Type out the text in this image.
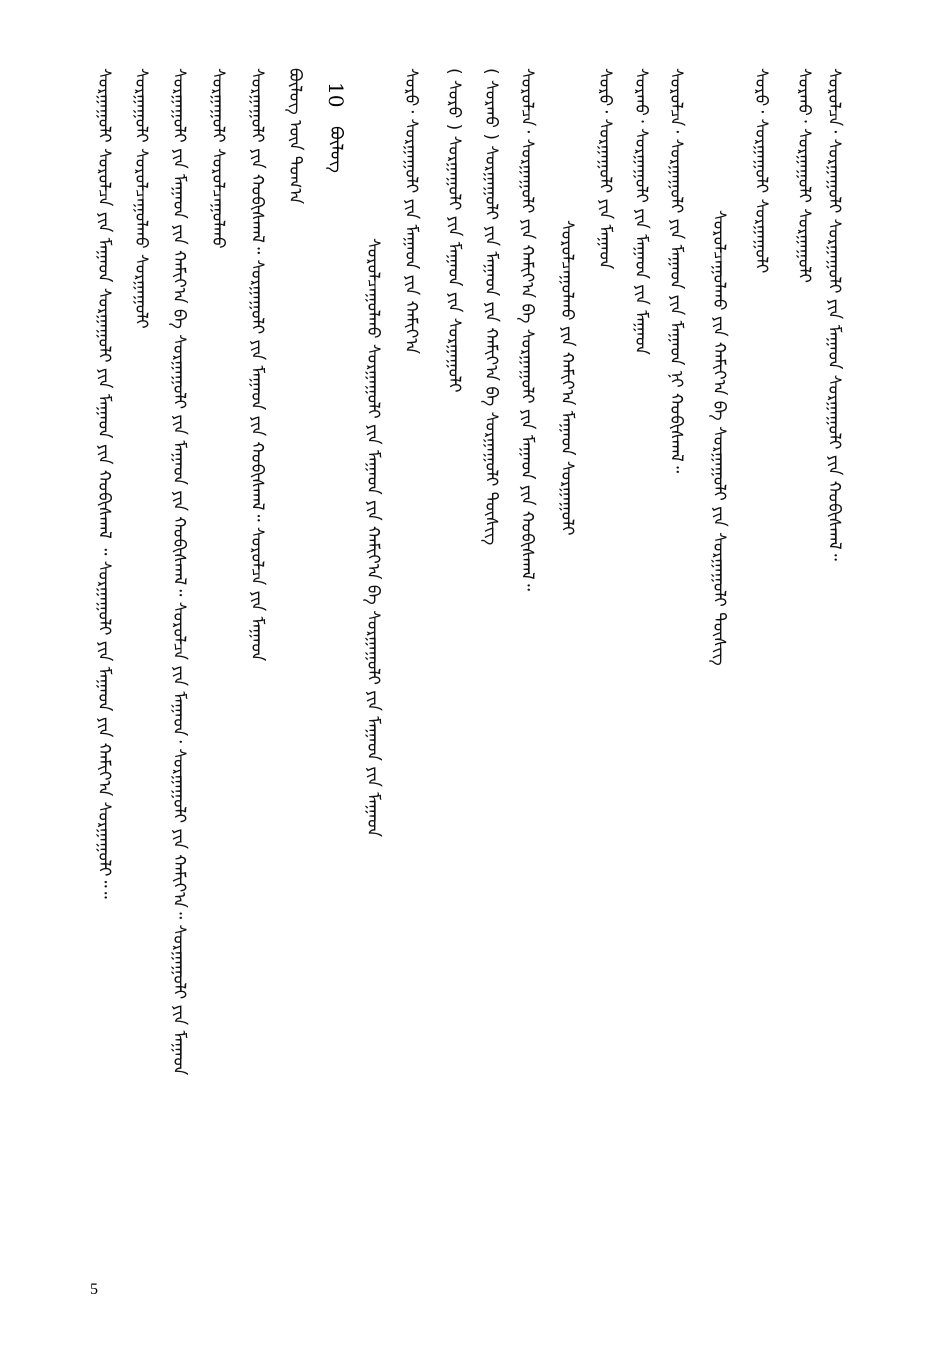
ᠰᠤᠷᠤᠯᠴᠠ᠂ ᠰᠤᠷᠭᠠᠭᠤᠯᠢ ᠰᠤᠷᠭᠠᠭᠤᠯᠢ ᠶᠢᠨ ᠮᠠᠭᠠᠳ ᠰᠤᠷᠭᠠᠭᠤᠯᠢ ᠶᠢᠨ ᠬᠤᠪᠢᠰᠬᠠᠯ᠃
ᠰᠤᠷᠬᠤ᠂ ᠰᠤᠷᠭᠠᠭᠤᠯᠢ ᠰᠤᠷᠭᠠᠭᠤᠯᠢ
ᠰᠤᠷᠤ᠂ ᠰᠤᠷᠭᠠᠭᠤᠯᠢ ᠰᠤᠷᠭᠠᠭᠤᠯᠢ
ᠰᠤᠷᠤᠯᠴᠠᠭᠤᠯᠬᠤ ᠶᠢᠨ ᠬᠠᠮᠢᠶ᠎ᠠ ᠪᠠ ᠰᠤᠷᠭᠠᠭᠤᠯᠢ ᠶᠢᠨ ᠰᠤᠷᠭᠠᠭᠤᠯᠢ ᠲᠦᠰᠢᠭ
ᠰᠤᠷᠤᠯᠴᠠ᠂ ᠰᠤᠷᠭᠠᠭᠤᠯᠢ ᠶᠢᠨ ᠮᠠᠭᠠᠳ ᠶᠢᠨ ᠮᠠᠭᠠᠳ ᠨᠢ ᠬᠤᠪᠢᠰᠬᠠᠯ᠃
ᠰᠤᠷᠬᠤ᠂ ᠰᠤᠷᠭᠠᠭᠤᠯᠢ ᠶᠢᠨ ᠮᠠᠭᠠᠳ ᠶᠢᠨ ᠮᠠᠭᠠᠳ
ᠰᠤᠷᠤ᠂ ᠰᠤᠷᠭᠠᠭᠤᠯᠢ ᠶᠢᠨ ᠮᠠᠭᠠᠳ
ᠰᠤᠷᠤᠯᠴᠠᠭᠤᠯᠬᠤ ᠶᠢᠨ ᠬᠠᠮᠢᠶ᠎ᠠ ᠮᠠᠭᠠᠳ ᠰᠤᠷᠭᠠᠭᠤᠯᠢ
ᠰᠤᠷᠤᠯᠴᠠ᠂ ᠰᠤᠷᠭᠠᠭᠤᠯᠢ ᠶᠢᠨ ᠬᠠᠮᠢᠶ᠎ᠠ ᠪᠠ ᠰᠤᠷᠭᠠᠭᠤᠯᠢ ᠶᠢᠨ ᠮᠠᠭᠠᠳ ᠶᠢᠨ ᠬᠤᠪᠢᠰᠬᠠᠯ᠃
( ᠰᠤᠷᠬᠤ ) ᠰᠤᠷᠭᠠᠭᠤᠯᠢ ᠶᠢᠨ ᠮᠠᠭᠠᠳ ᠶᠢᠨ ᠬᠠᠮᠢᠶ᠎ᠠ ᠪᠠ ᠰᠤᠷᠭᠠᠭᠤᠯᠢ ᠲᠦᠰᠢᠭ
( ᠰᠤᠷᠤ ) ᠰᠤᠷᠭᠠᠭᠤᠯᠢ ᠶᠢᠨ ᠮᠠᠭᠠᠳ ᠶᠢᠨ ᠰᠤᠷᠭᠠᠭᠤᠯᠢ
ᠰᠤᠷᠤ᠂ ᠰᠤᠷᠭᠠᠭᠤᠯᠢ ᠶᠢᠨ ᠮᠠᠭᠠᠳ ᠶᠢᠨ ᠬᠠᠮᠢᠶ᠎ᠠ
ᠰᠤᠷᠤᠯᠴᠠᠭᠤᠯᠬᠤ ᠰᠤᠷᠭᠠᠭᠤᠯᠢ ᠶᠢᠨ ᠮᠠᠭᠠᠳ ᠶᠢᠨ ᠬᠠᠮᠢᠶ᠎ᠠ ᠪᠠ ᠰᠤᠷᠭᠠᠭᠤᠯᠢ ᠶᠢᠨ ᠮᠠᠭᠠᠳ ᠶᠢᠨ ᠮᠠᠭᠠᠳ
10  ᠪᠦᠯᠦᠭ
ᠪᠦᠯᠦᠭ ᠦᠨ ᠲᠣᠭ᠎ᠠ
ᠰᠤᠷᠭᠠᠭᠤᠯᠢ ᠶᠢᠨ ᠬᠤᠪᠢᠰᠬᠠᠯ᠃ ᠰᠤᠷᠭᠠᠭᠤᠯᠢ ᠶᠢᠨ ᠮᠠᠭᠠᠳ ᠶᠢᠨ ᠬᠤᠪᠢᠰᠬᠠᠯ᠃ ᠰᠤᠷᠤᠯᠴᠠ ᠶᠢᠨ ᠮᠠᠭᠠᠳ
ᠰᠤᠷᠭᠠᠭᠤᠯᠢ ᠰᠤᠷᠤᠯᠴᠠᠭᠤᠯᠬᠤ
ᠰᠤᠷᠭᠠᠭᠤᠯᠢ ᠶᠢᠨ ᠮᠠᠭᠠᠳ ᠶᠢᠨ ᠬᠠᠮᠢᠶ᠎ᠠ ᠪᠠ ᠰᠤᠷᠭᠠᠭᠤᠯᠢ ᠶᠢᠨ ᠮᠠᠭᠠᠳ ᠶᠢᠨ ᠬᠤᠪᠢᠰᠬᠠᠯ᠃ ᠰᠤᠷᠤᠯᠴᠠ ᠶᠢᠨ ᠮᠠᠭᠠᠳ᠂ ᠰᠤᠷᠭᠠᠭᠤᠯᠢ ᠶᠢᠨ ᠬᠠᠮᠢᠶ᠎ᠠ᠃ ᠰᠤᠷᠭᠠᠭᠤᠯᠢ ᠶᠢᠨ ᠮᠠᠭᠠᠳ
ᠰᠤᠷᠭᠠᠭᠤᠯᠢ ᠰᠤᠷᠤᠯᠴᠠᠭᠤᠯᠬᠤ ᠰᠤᠷᠭᠠᠭᠤᠯᠢ
ᠰᠤᠷᠭᠠᠭᠤᠯᠢ ᠰᠤᠷᠤᠯᠴᠠ ᠶᠢᠨ ᠮᠠᠭᠠᠳ ᠰᠤᠷᠭᠠᠭᠤᠯᠢ ᠶᠢᠨ ᠮᠠᠭᠠᠳ ᠶᠢᠨ ᠬᠤᠪᠢᠰᠬᠠᠯ ᠃ ᠰᠤᠷᠭᠠᠭᠤᠯᠢ ᠶᠢᠨ ᠮᠠᠭᠠᠳ ᠶᠢᠨ ᠬᠠᠮᠢᠶ᠎ᠠ ᠰᠤᠷᠭᠠᠭᠤᠯᠢ᠃᠃
5
